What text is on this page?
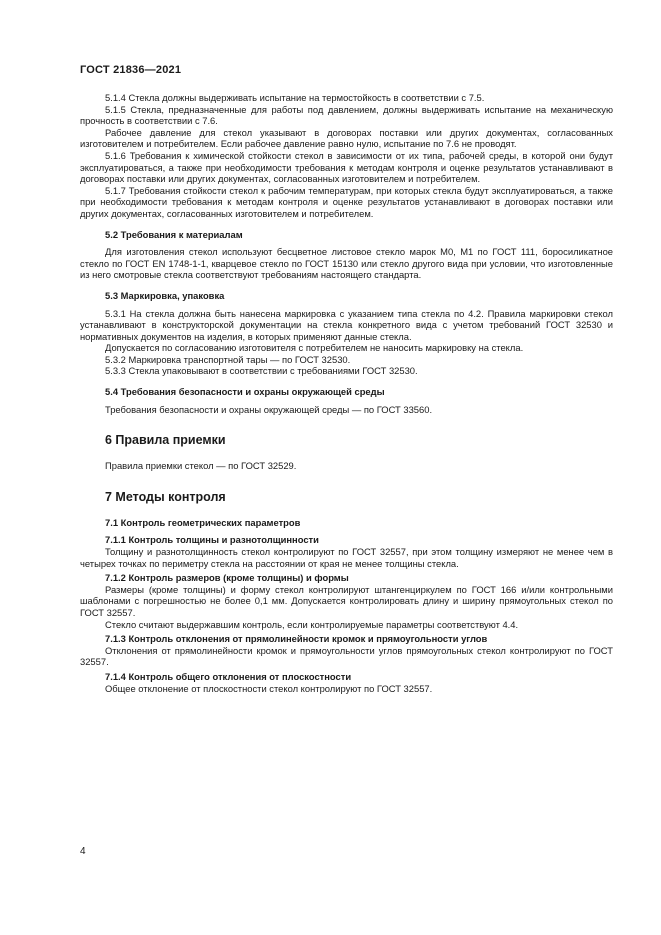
ГОСТ 21836—2021

5.1.4 Стекла должны выдерживать испытание на термостойкость в соответствии с 7.5.

5.1.5 Стекла, предназначенные для работы под давлением, должны выдерживать испытание на механическую прочность в соответствии с 7.6.

Рабочее давление для стекол указывают в договорах поставки или других документах, согласованных изготовителем и потребителем. Если рабочее давление равно нулю, испытание по 7.6 не проводят.

5.1.6 Требования к химической стойкости стекол в зависимости от их типа, рабочей среды, в которой они будут эксплуатироваться, а также при необходимости требования к методам контроля и оценке результатов устанавливают в договорах поставки или других документах, согласованных изготовителем и потребителем.

5.1.7 Требования стойкости стекол к рабочим температурам, при которых стекла будут эксплуатироваться, а также при необходимости требования к методам контроля и оценке результатов устанавливают в договорах поставки или других документах, согласованных изготовителем и потребителем.

5.2 Требования к материалам

Для изготовления стекол используют бесцветное листовое стекло марок М0, М1 по ГОСТ 111, боросиликатное стекло по ГОСТ EN 1748-1-1, кварцевое стекло по ГОСТ 15130 или стекло другого вида при условии, что изготовленные из него смотровые стекла соответствуют требованиям настоящего стандарта.

5.3 Маркировка, упаковка

5.3.1 На стекла должна быть нанесена маркировка с указанием типа стекла по 4.2. Правила маркировки стекол устанавливают в конструкторской документации на стекла конкретного вида с учетом требований ГОСТ 32530 и нормативных документов на изделия, в которых применяют данные стекла.

Допускается по согласованию изготовителя с потребителем не наносить маркировку на стекла.

5.3.2 Маркировка транспортной тары — по ГОСТ 32530.

5.3.3 Стекла упаковывают в соответствии с требованиями ГОСТ 32530.

5.4 Требования безопасности и охраны окружающей среды

Требования безопасности и охраны окружающей среды — по ГОСТ 33560.

6 Правила приемки

Правила приемки стекол — по ГОСТ 32529.

7 Методы контроля

7.1 Контроль геометрических параметров

7.1.1 Контроль толщины и разнотолщинности

Толщину и разнотолщинность стекол контролируют по ГОСТ 32557, при этом толщину измеряют не менее чем в четырех точках по периметру стекла на расстоянии от края не менее толщины стекла.

7.1.2 Контроль размеров (кроме толщины) и формы

Размеры (кроме толщины) и форму стекол контролируют штангенциркулем по ГОСТ 166 и/или контрольными шаблонами с погрешностью не более 0,1 мм. Допускается контролировать длину и ширину прямоугольных стекол по ГОСТ 32557.

Стекло считают выдержавшим контроль, если контролируемые параметры соответствуют 4.4.

7.1.3 Контроль отклонения от прямолинейности кромок и прямоугольности углов

Отклонения от прямолинейности кромок и прямоугольности углов прямоугольных стекол контролируют по ГОСТ 32557.

7.1.4 Контроль общего отклонения от плоскостности

Общее отклонение от плоскостности стекол контролируют по ГОСТ 32557.

4
